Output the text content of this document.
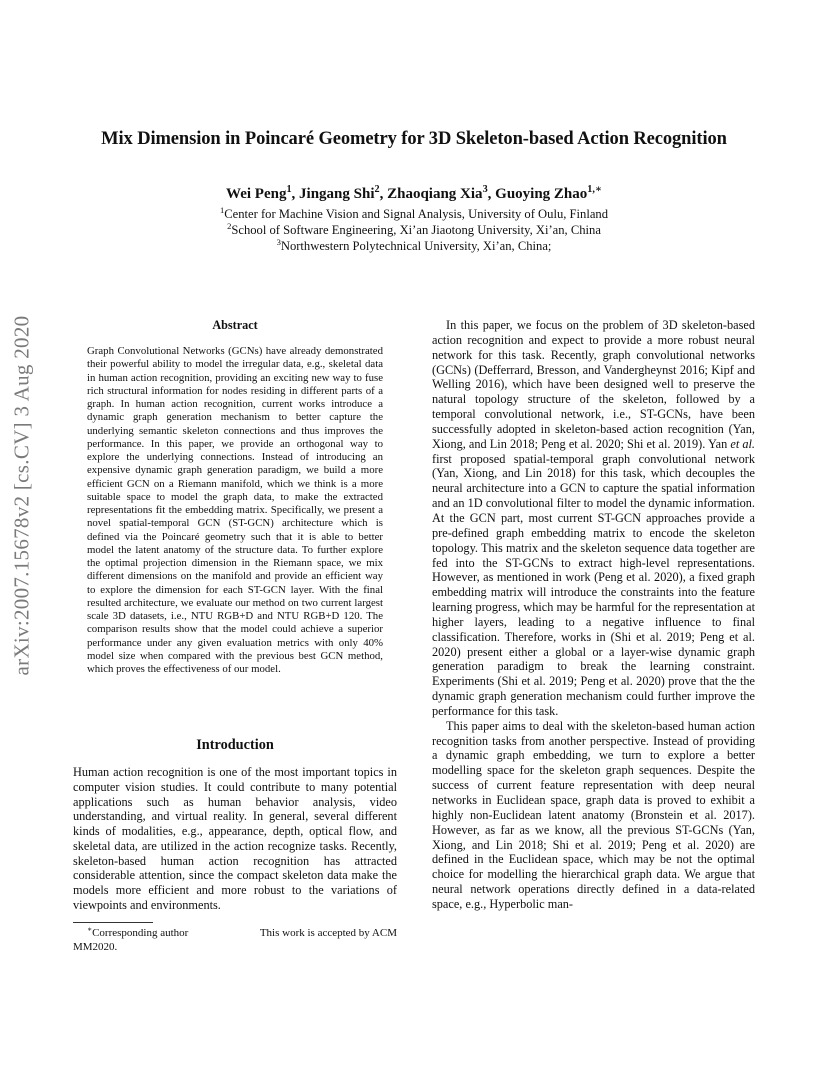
arXiv:2007.15678v2 [cs.CV] 3 Aug 2020
Mix Dimension in Poincaré Geometry for 3D Skeleton-based Action Recognition
Wei Peng$^1$, Jingang Shi$^2$, Zhaoqiang Xia$^3$, Guoying Zhao$^{1,∗}$
$^1$Center for Machine Vision and Signal Analysis, University of Oulu, Finland
$^2$School of Software Engineering, Xi’an Jiaotong University, Xi’an, China
$^3$Northwestern Polytechnical University, Xi’an, China;
Abstract

Graph Convolutional Networks (GCNs) have already demonstrated their powerful ability to model the irregular data, e.g., skeletal data in human action recognition, providing an exciting new way to fuse rich structural information for nodes residing in different parts of a graph. In human action recognition, current works introduce a dynamic graph generation mechanism to better capture the underlying semantic skeleton connections and thus improves the performance. In this paper, we provide an orthogonal way to explore the underlying connections. Instead of introducing an expensive dynamic graph generation paradigm, we build a more efficient GCN on a Riemann manifold, which we think is a more suitable space to model the graph data, to make the extracted representations fit the embedding matrix. Specifically, we present a novel spatial-temporal GCN (ST-GCN) architecture which is defined via the Poincaré geometry such that it is able to better model the latent anatomy of the structure data. To further explore the optimal projection dimension in the Riemann space, we mix different dimensions on the manifold and provide an efficient way to explore the dimension for each ST-GCN layer. With the final resulted architecture, we evaluate our method on two current largest scale 3D datasets, i.e., NTU RGB+D and NTU RGB+D 120. The comparison results show that the model could achieve a superior performance under any given evaluation metrics with only 40% model size when compared with the previous best GCN method, which proves the effectiveness of our model.

Introduction

Human action recognition is one of the most important topics in computer vision studies. It could contribute to many potential applications such as human behavior analysis, video understanding, and virtual reality. In general, several different kinds of modalities, e.g., appearance, depth, optical flow, and skeletal data, are utilized in the action recognize tasks. Recently, skeleton-based human action recognition has attracted considerable attention, since the compact skeleton data make the models more efficient and more robust to the variations of viewpoints and environments.

∗Corresponding author	This work is accepted by ACM
MM2020.

In this paper, we focus on the problem of 3D skeleton-based action recognition and expect to provide a more robust neural network for this task. Recently, graph convolutional networks (GCNs) (Defferrard, Bresson, and Vandergheynst 2016; Kipf and Welling 2016), which have been designed well to preserve the natural topology structure of the skeleton, followed by a temporal convolutional network, i.e., ST-GCNs, have been successfully adopted in skeleton-based action recognition (Yan, Xiong, and Lin 2018; Peng et al. 2020; Shi et al. 2019). Yan et al. first proposed spatial-temporal graph convolutional network (Yan, Xiong, and Lin 2018) for this task, which decouples the neural architecture into a GCN to capture the spatial information and an 1D convolutional filter to model the dynamic information. At the GCN part, most current ST-GCN approaches provide a pre-defined graph embedding matrix to encode the skeleton topology. This matrix and the skeleton sequence data together are fed into the ST-GCNs to extract high-level representations. However, as mentioned in work (Peng et al. 2020), a fixed graph embedding matrix will introduce the constraints into the feature learning progress, which may be harmful for the representation at higher layers, leading to a negative influence to final classification. Therefore, works in (Shi et al. 2019; Peng et al. 2020) present either a global or a layer-wise dynamic graph generation paradigm to break the learning constraint. Experiments (Shi et al. 2019; Peng et al. 2020) prove that the the dynamic graph generation mechanism could further improve the performance for this task.

This paper aims to deal with the skeleton-based human action recognition tasks from another perspective. Instead of providing a dynamic graph embedding, we turn to explore a better modelling space for the skeleton graph sequences. Despite the success of current feature representation with deep neural networks in Euclidean space, graph data is proved to exhibit a highly non-Euclidean latent anatomy (Bronstein et al. 2017). However, as far as we know, all the previous ST-GCNs (Yan, Xiong, and Lin 2018; Shi et al. 2019; Peng et al. 2020) are defined in the Euclidean space, which may be not the optimal choice for modelling the hierarchical graph data. We argue that neural network operations directly defined in a data-related space, e.g., Hyperbolic man-
